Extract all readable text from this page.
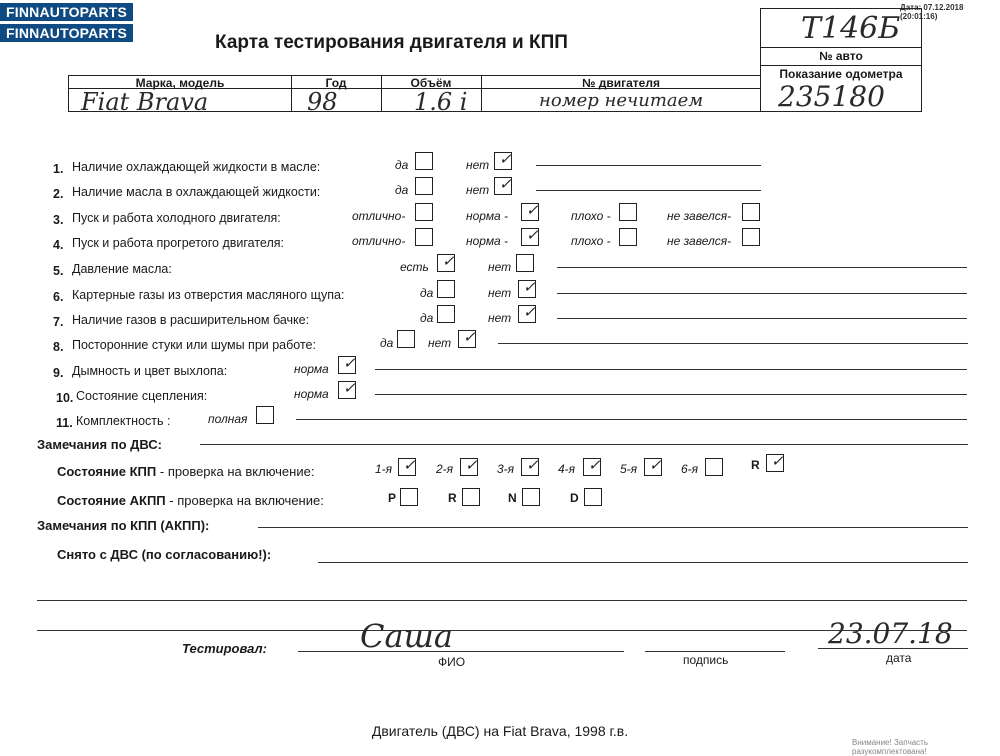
FINNAUTOPARTS
FINNAUTOPARTS
Дата: 07.12.2018 (20:01:16)
Карта тестирования двигателя и КПП	Т146Б
№ авто
Показание одометра
Марка, модель	Год	Объём	№ двигателя
Fiat Brava	98	1.6 i	номер нечитаем	235180
1. Наличие охлаждающей жидкости в масле:	да	нет ✓
2. Наличие масла в охлаждающей жидкости:	да	нет ✓
3. Пуск и работа холодного двигателя:	отлично-	норма - ✓	плохо -	не завелся-
4. Пуск и работа прогретого двигателя:	отлично-	норма - ✓	плохо -	не завелся-
5. Давление масла:	есть ✓	нет
6. Картерные газы из отверстия масляного щупа:	да	нет ✓
7. Наличие газов в расширительном бачке:	да	нет ✓
8. Посторонние стуки или шумы при работе:	да	нет ✓
9. Дымность и цвет выхлопа:	норма ✓
10. Состояние сцепления:	норма ✓
11. Комплектность :	полная
Замечания по ДВС:
Состояние КПП - проверка на включение:	1-я ✓ 2-я ✓ 3-я ✓ 4-я ✓ 5-я ✓ 6-я	R ✓
Состояние АКПП - проверка на включение:	P	R	N	D
Замечания по КПП (АКПП):
Снято с ДВС (по согласованию!):
Тестировал:	Саша
ФИО	подпись
23.07.18
дата
Двигатель (ДВС) на Fiat Brava, 1998 г.в.
Внимание! Запчасть разукомплектована!
